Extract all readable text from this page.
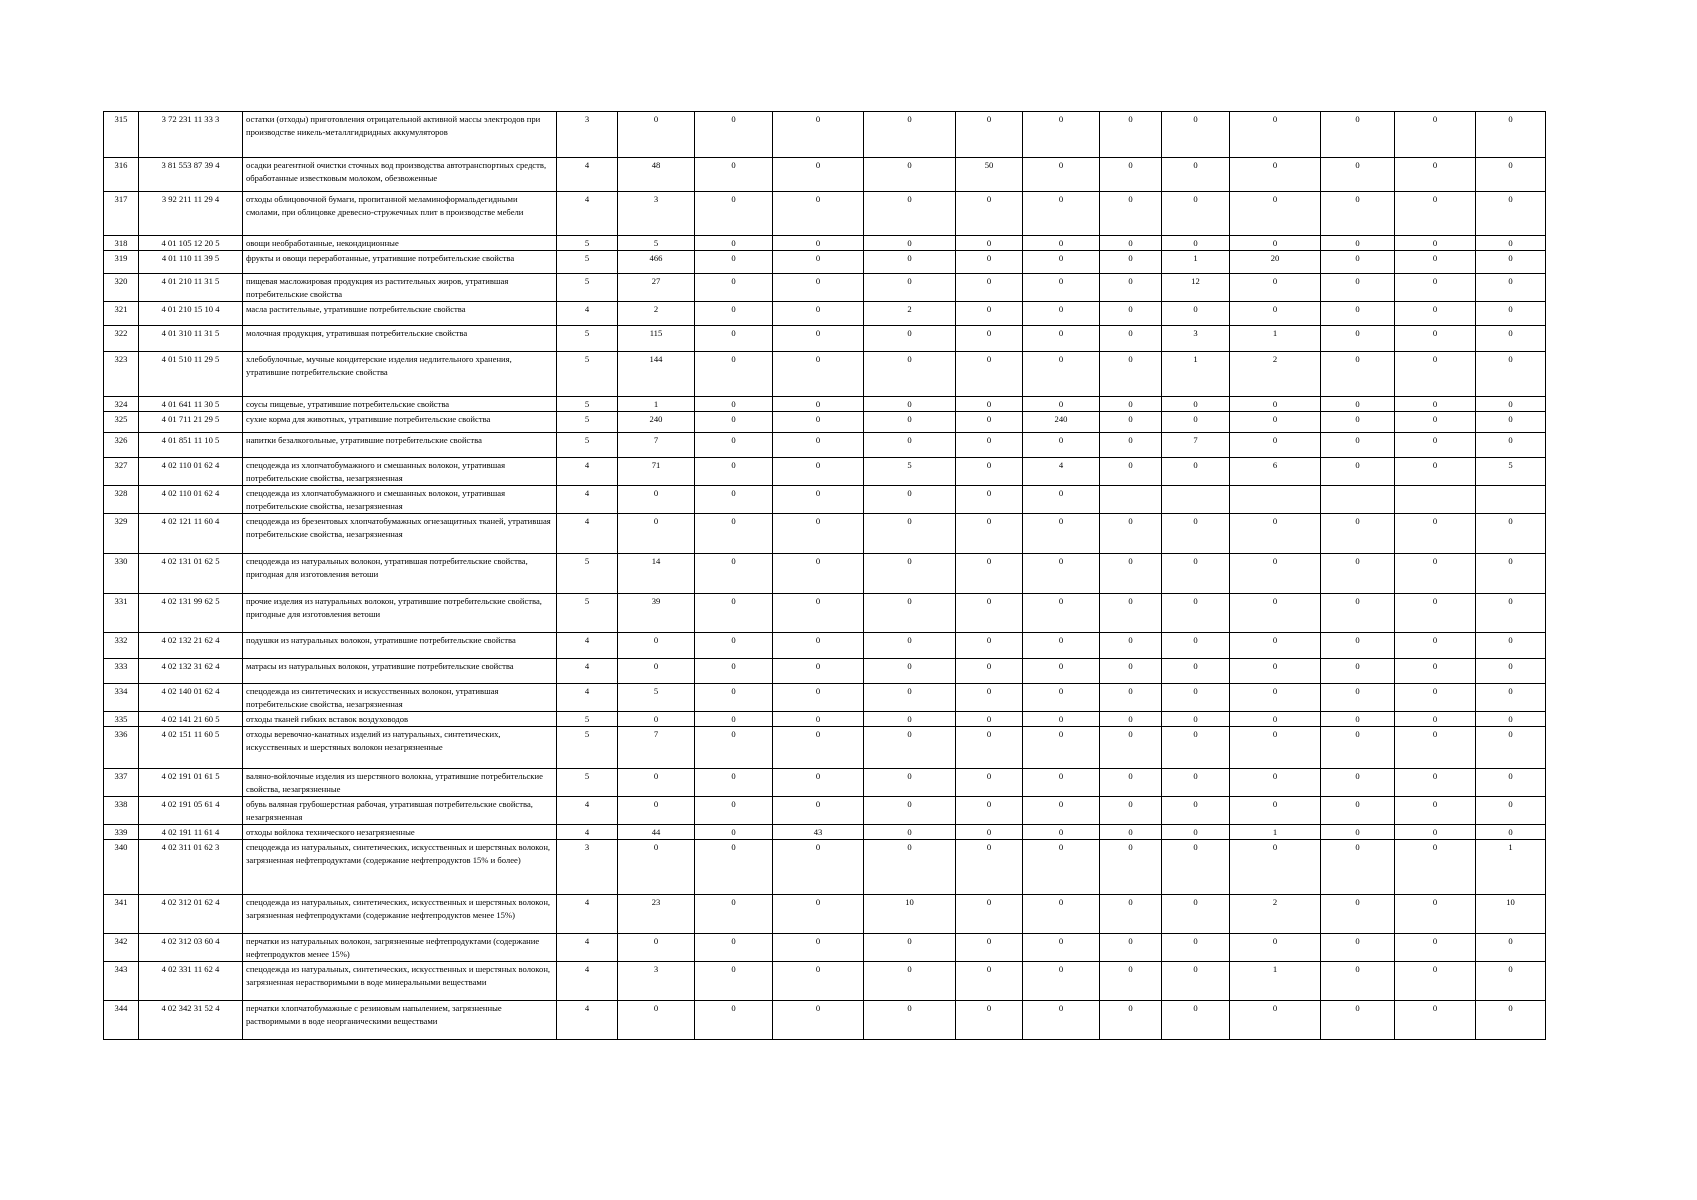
315	3 72 231 11 33 3	остатки (отходы) приготовления отрицательной активной массы электродов при производстве никель-металлгидридных аккумуляторов	3	0	0	0	0	0	0	0	0	0	0	0	0
316	3 81 553 87 39 4	осадки реагентной очистки сточных вод производства автотранспортных средств, обработанные известковым молоком, обезвоженные	4	48	0	0	0	50	0	0	0	0	0	0	0
317	3 92 211 11 29 4	отходы облицовочной бумаги, пропитанной меламиноформальдегидными смолами, при облицовке древесно-стружечных плит в производстве мебели	4	3	0	0	0	0	0	0	0	0	0	0	0
318	4 01 105 12 20 5	овощи необработанные, некондиционные	5	5	0	0	0	0	0	0	0	0	0	0	0
319	4 01 110 11 39 5	фрукты и овощи переработанные, утратившие потребительские свойства	5	466	0	0	0	0	0	0	1	20	0	0	0
320	4 01 210 11 31 5	пищевая масложировая продукция из растительных жиров, утратившая потребительские свойства	5	27	0	0	0	0	0	0	12	0	0	0	0
321	4 01 210 15 10 4	масла растительные, утратившие потребительские свойства	4	2	0	0	2	0	0	0	0	0	0	0	0
322	4 01 310 11 31 5	молочная продукция, утратившая потребительские свойства	5	115	0	0	0	0	0	0	3	1	0	0	0
323	4 01 510 11 29 5	хлебобулочные, мучные кондитерские изделия недлительного хранения, утратившие потребительские свойства	5	144	0	0	0	0	0	0	1	2	0	0	0
324	4 01 641 11 30 5	соусы пищевые, утратившие потребительские свойства	5	1	0	0	0	0	0	0	0	0	0	0	0
325	4 01 711 21 29 5	сухие корма для животных, утратившие потребительские свойства	5	240	0	0	0	0	240	0	0	0	0	0	0
326	4 01 851 11 10 5	напитки безалкогольные, утратившие потребительские свойства	5	7	0	0	0	0	0	0	7	0	0	0	0
327	4 02 110 01 62 4	спецодежда из хлопчатобумажного и смешанных волокон, утратившая потребительские свойства, незагрязненная	4	71	0	0	5	0	4	0	0	6	0	0	5
328	4 02 110 01 62 4	спецодежда из хлопчатобумажного и смешанных волокон, утратившая потребительские свойства, незагрязненная	4	0	0	0	0	0	0						
329	4 02 121 11 60 4	спецодежда из брезентовых хлопчатобумажных огнезащитных тканей, утратившая потребительские свойства, незагрязненная	4	0	0	0	0	0	0	0	0	0	0	0	0
330	4 02 131 01 62 5	спецодежда из натуральных волокон, утратившая потребительские свойства, пригодная для изготовления ветоши	5	14	0	0	0	0	0	0	0	0	0	0	0
331	4 02 131 99 62 5	прочие изделия из натуральных волокон, утратившие потребительские свойства, пригодные для изготовления ветоши	5	39	0	0	0	0	0	0	0	0	0	0	0
332	4 02 132 21 62 4	подушки из натуральных волокон, утратившие потребительские свойства	4	0	0	0	0	0	0	0	0	0	0	0	0
333	4 02 132 31 62 4	матрасы из натуральных волокон, утратившие потребительские свойства	4	0	0	0	0	0	0	0	0	0	0	0	0
334	4 02 140 01 62 4	спецодежда из синтетических и искусственных волокон, утратившая потребительские свойства, незагрязненная	4	5	0	0	0	0	0	0	0	0	0	0	0
335	4 02 141 21 60 5	отходы тканей гибких вставок воздуховодов	5	0	0	0	0	0	0	0	0	0	0	0	0
336	4 02 151 11 60 5	отходы веревочно-канатных изделий из натуральных, синтетических, искусственных и шерстяных волокон незагрязненные	5	7	0	0	0	0	0	0	0	0	0	0	0
337	4 02 191 01 61 5	валяно-войлочные изделия из шерстяного волокна, утратившие потребительские свойства, незагрязненные	5	0	0	0	0	0	0	0	0	0	0	0	0
338	4 02 191 05 61 4	обувь валяная грубошерстная рабочая, утратившая потребительские свойства, незагрязненная	4	0	0	0	0	0	0	0	0	0	0	0	0
339	4 02 191 11 61 4	отходы войлока технического незагрязненные	4	44	0	43	0	0	0	0	0	1	0	0	0
340	4 02 311 01 62 3	спецодежда из натуральных, синтетических, искусственных и шерстяных волокон, загрязненная нефтепродуктами (содержание нефтепродуктов 15% и более)	3	0	0	0	0	0	0	0	0	0	0	0	1
341	4 02 312 01 62 4	спецодежда из натуральных, синтетических, искусственных и шерстяных волокон, загрязненная нефтепродуктами (содержание нефтепродуктов менее 15%)	4	23	0	0	10	0	0	0	0	2	0	0	10
342	4 02 312 03 60 4	перчатки из натуральных волокон, загрязненные нефтепродуктами (содержание нефтепродуктов менее 15%)	4	0	0	0	0	0	0	0	0	0	0	0	0
343	4 02 331 11 62 4	спецодежда из натуральных, синтетических, искусственных и шерстяных волокон, загрязненная нерастворимыми в воде минеральными веществами	4	3	0	0	0	0	0	0	0	1	0	0	0
344	4 02 342 31 52 4	перчатки хлопчатобумажные с резиновым напылением, загрязненные растворимыми в воде неорганическими веществами	4	0	0	0	0	0	0	0	0	0	0	0	0
